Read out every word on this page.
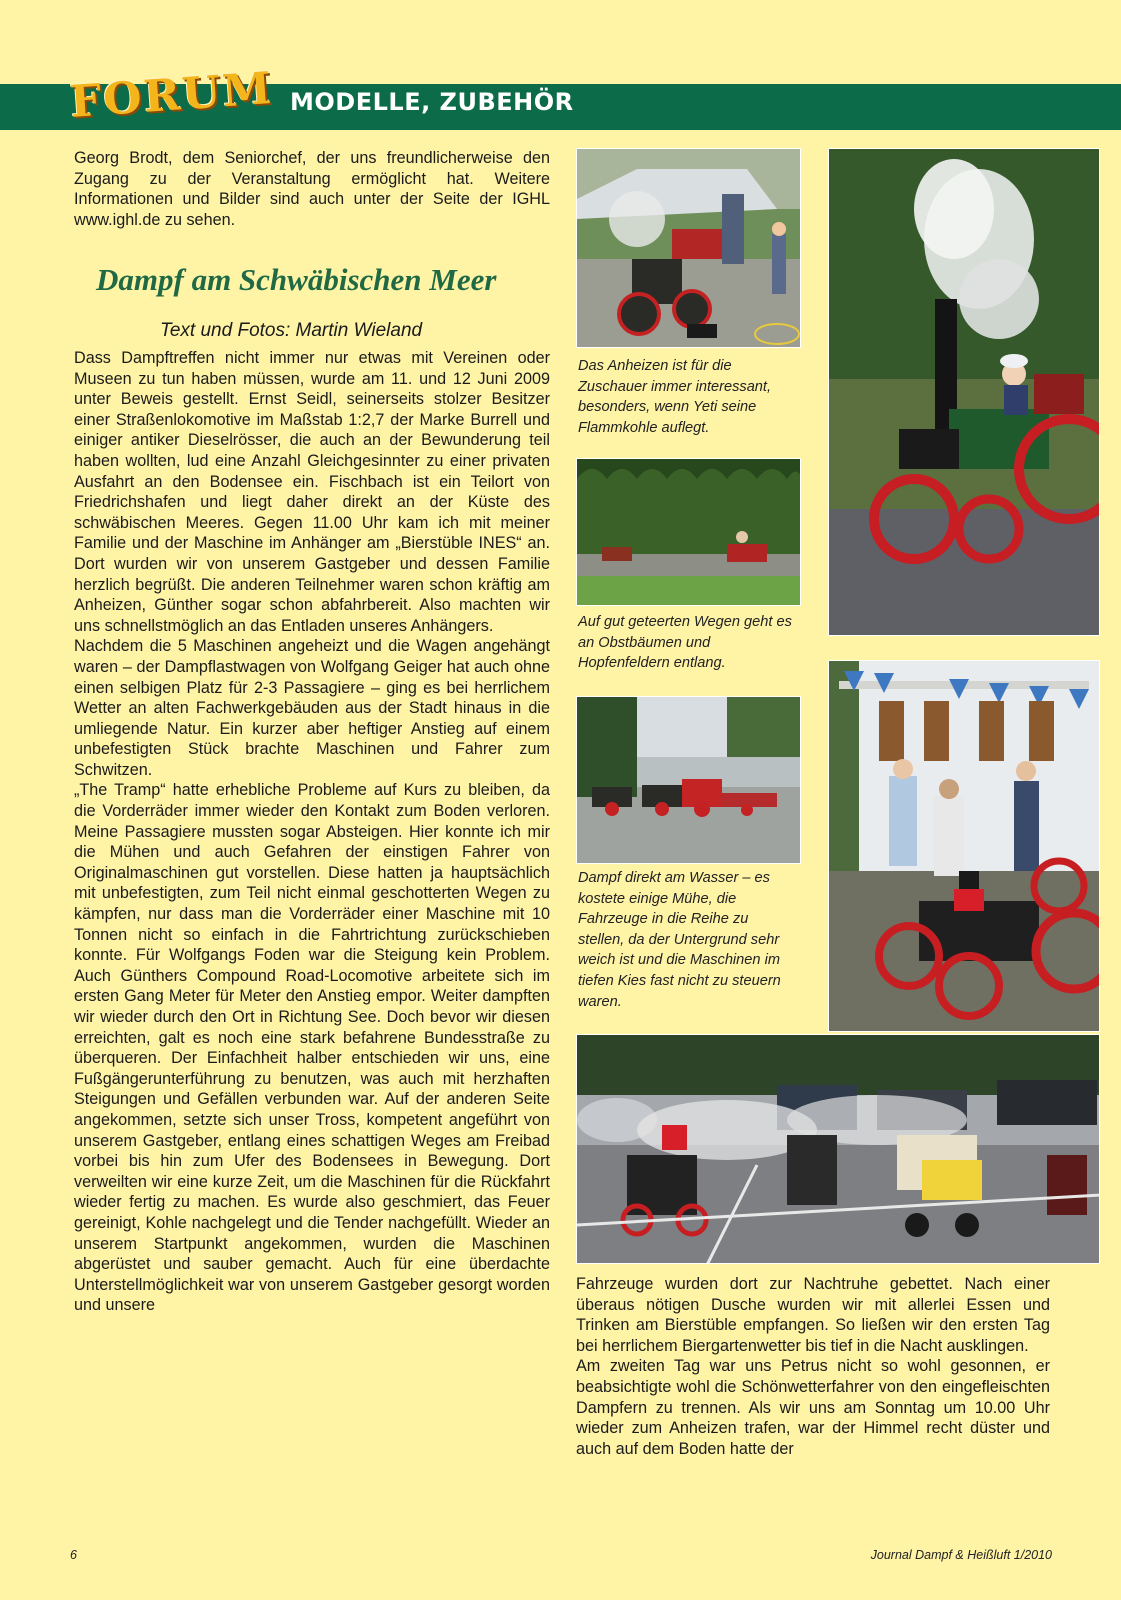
FORUM MODELLE, ZUBEHÖR

Georg Brodt, dem Seniorchef, der uns freundlicherweise den Zugang zu der Veranstaltung ermöglicht hat. Weitere Informationen und Bilder sind auch unter der Seite der IGHL www.ighl.de zu sehen.

Dampf am Schwäbischen Meer
Text und Fotos: Martin Wieland

Dass Dampftreffen nicht immer nur etwas mit Vereinen oder Museen zu tun haben müssen, wurde am 11. und 12 Juni 2009 unter Beweis gestellt. Ernst Seidl, seinerseits stolzer Besitzer einer Straßenlokomotive im Maßstab 1:2,7 der Marke Burrell und einiger antiker Dieselrösser, die auch an der Bewunderung teil haben wollten, lud eine Anzahl Gleichgesinnter zu einer privaten Ausfahrt an den Bodensee ein. Fischbach ist ein Teilort von Friedrichshafen und liegt daher direkt an der Küste des schwäbischen Meeres. Gegen 11.00 Uhr kam ich mit meiner Familie und der Maschine im Anhänger am „Bierstüble INES“ an. Dort wurden wir von unserem Gastgeber und dessen Familie herzlich begrüßt. Die anderen Teilnehmer waren schon kräftig am Anheizen, Günther sogar schon abfahrbereit. Also machten wir uns schnellstmöglich an das Entladen unseres Anhängers.

Nachdem die 5 Maschinen angeheizt und die Wagen angehängt waren – der Dampflastwagen von Wolfgang Geiger hat auch ohne einen selbigen Platz für 2-3 Passagiere – ging es bei herrlichem Wetter an alten Fachwerkgebäuden aus der Stadt hinaus in die umliegende Natur. Ein kurzer aber heftiger Anstieg auf einem unbefestigten Stück brachte Maschinen und Fahrer zum Schwitzen.

„The Tramp“ hatte erhebliche Probleme auf Kurs zu bleiben, da die Vorderräder immer wieder den Kontakt zum Boden verloren. Meine Passagiere mussten sogar Absteigen. Hier konnte ich mir die Mühen und auch Gefahren der einstigen Fahrer von Originalmaschinen gut vorstellen. Diese hatten ja hauptsächlich mit unbefestigten, zum Teil nicht einmal geschotterten Wegen zu kämpfen, nur dass man die Vorderräder einer Maschine mit 10 Tonnen nicht so einfach in die Fahrtrichtung zurückschieben konnte. Für Wolfgangs Foden war die Steigung kein Problem. Auch Günthers Compound Road-Locomotive arbeitete sich im ersten Gang Meter für Meter den Anstieg empor. Weiter dampften wir wieder durch den Ort in Richtung See. Doch bevor wir diesen erreichten, galt es noch eine stark befahrene Bundesstraße zu überqueren. Der Einfachheit halber entschieden wir uns, eine Fußgängerunterführung zu benutzen, was auch mit herzhaften Steigungen und Gefällen verbunden war. Auf der anderen Seite angekommen, setzte sich unser Tross, kompetent angeführt von unserem Gastgeber, entlang eines schattigen Weges am Freibad vorbei bis hin zum Ufer des Bodensees in Bewegung. Dort verweilten wir eine kurze Zeit, um die Maschinen für die Rückfahrt wieder fertig zu machen. Es wurde also geschmiert, das Feuer gereinigt, Kohle nachgelegt und die Tender nachgefüllt. Wieder an unserem Startpunkt angekommen, wurden die Maschinen abgerüstet und sauber gemacht. Auch für eine überdachte Unterstellmöglichkeit war von unserem Gastgeber gesorgt worden und unsere

Fahrzeuge wurden dort zur Nachtruhe gebettet. Nach einer überaus nötigen Dusche wurden wir mit allerlei Essen und Trinken am Bierstüble empfangen. So ließen wir den ersten Tag bei herrlichem Biergartenwetter bis tief in die Nacht ausklingen.

Am zweiten Tag war uns Petrus nicht so wohl gesonnen, er beabsichtigte wohl die Schönwetterfahrer von den eingefleischten Dampfern zu trennen. Als wir uns am Sonntag um 10.00 Uhr wieder zum Anheizen trafen, war der Himmel recht düster und auch auf dem Boden hatte der

Das Anheizen ist für die Zuschauer immer interessant, besonders, wenn Yeti seine Flammkohle auflegt.
Auf gut geteerten Wegen geht es an Obstbäumen und Hopfenfeldern entlang.
Dampf direkt am Wasser – es kostete einige Mühe, die Fahrzeuge in die Reihe zu stellen, da der Untergrund sehr weich ist und die Maschinen im tiefen Kies fast nicht zu steuern waren.
6	Journal Dampf & Heißluft 1/2010
